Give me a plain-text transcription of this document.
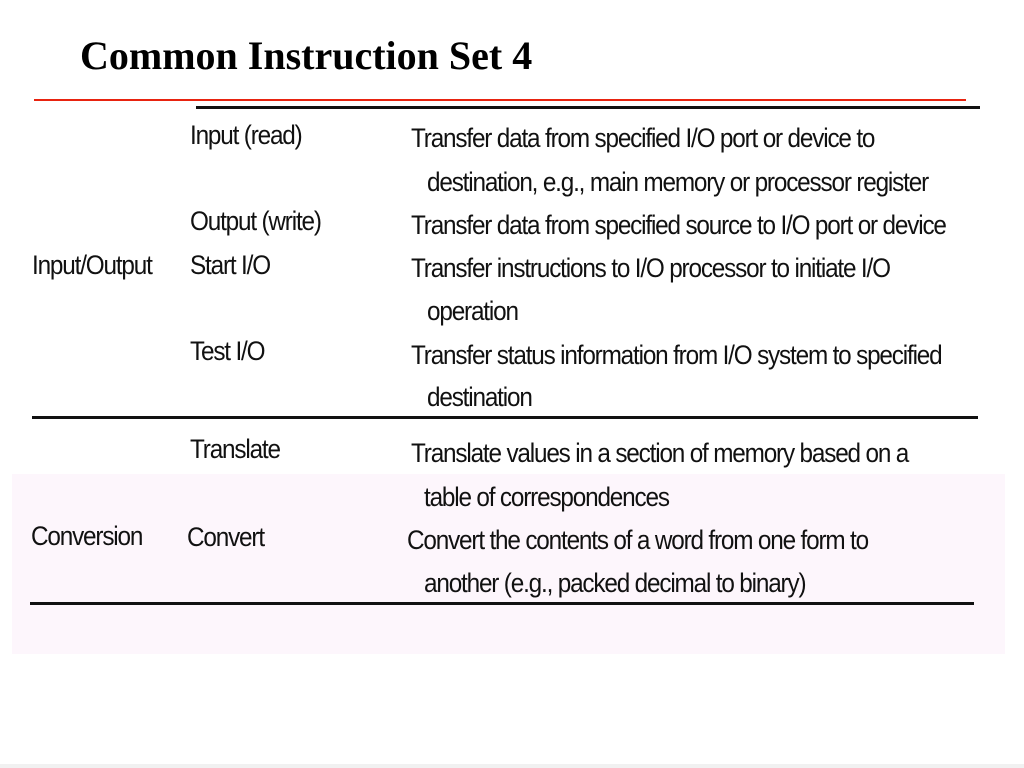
Common Instruction Set 4
Input/Output
Input (read)	Transfer data from specified I/O port or device to
destination, e.g., main memory or processor register
Output (write)	Transfer data from specified source to I/O port or device
Start I/O	Transfer instructions to I/O processor to initiate I/O
operation
Test I/O	Transfer status information from I/O system to specified
destination
Conversion
Translate	Translate values in a section of memory based on a
table of correspondences
Convert	Convert the contents of a word from one form to
another (e.g., packed decimal to binary)
